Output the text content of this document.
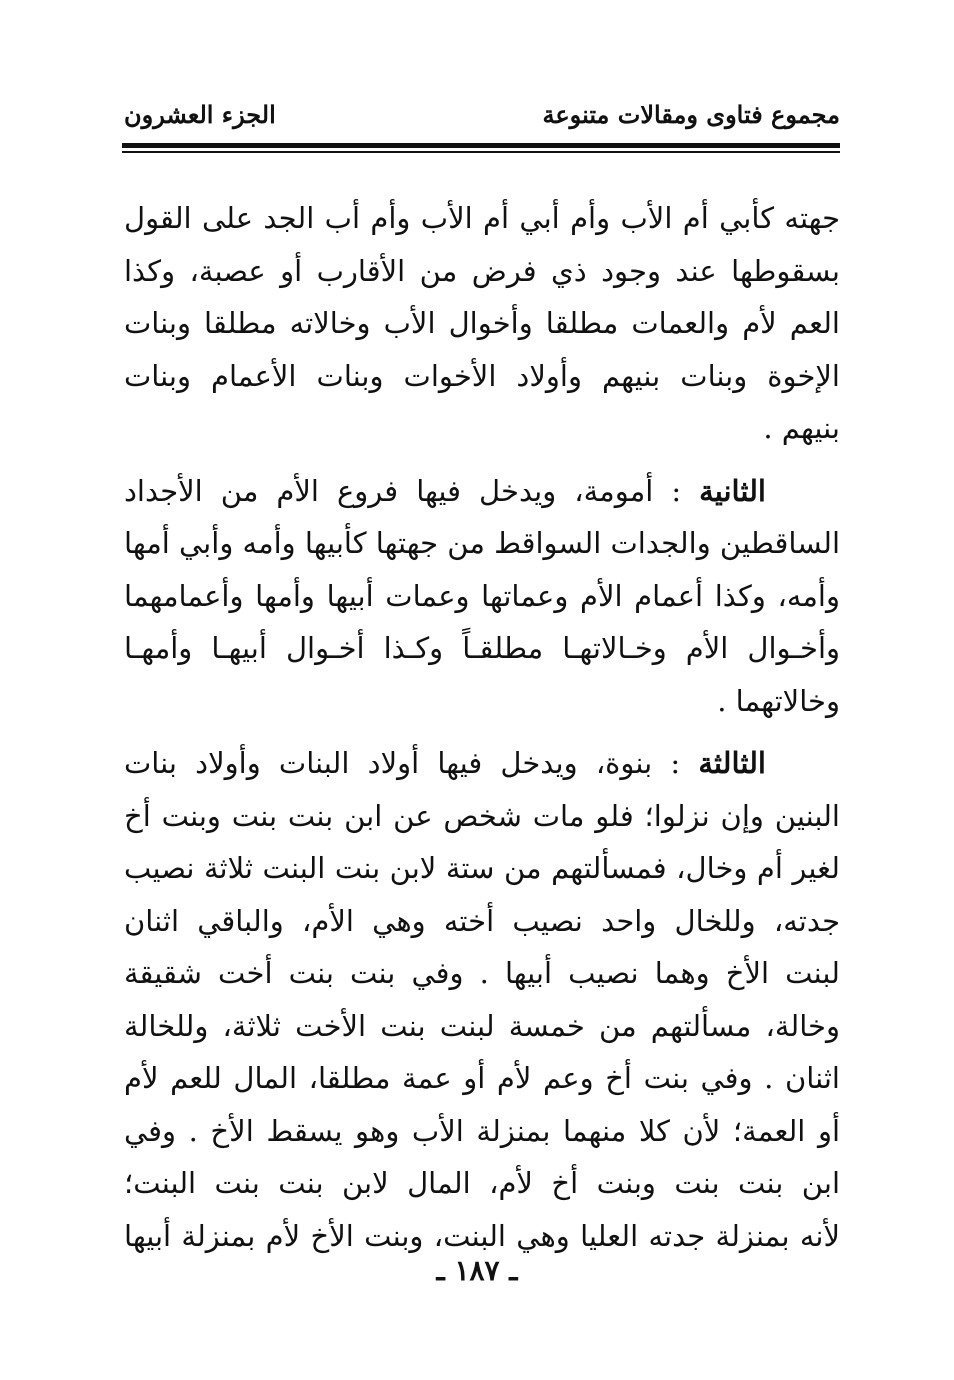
مجموع فتاوى ومقالات متنوعة
الجزء العشرون
جهته كأبي أم الأب وأم أبي أم الأب وأم أب الجد على القول
بسقوطها عند وجود ذي فرض من الأقارب أو عصبة، وكذا
العم لأم والعمات مطلقا وأخوال الأب وخالاته مطلقا وبنات
الإخوة وبنات بنيهم وأولاد الأخوات وبنات الأعمام وبنات
بنيهم .
الثانية : أمومة، ويدخل فيها فروع الأم من الأجداد
الساقطين والجدات السواقط من جهتها كأبيها وأمه وأبي أمها
وأمه، وكذا أعمام الأم وعماتها وعمات أبيها وأمها وأعمامهما
وأخـوال الأم وخـالاتهـا مطلقـاً وكـذا أخـوال أبيهـا وأمهـا
وخالاتهما .
الثالثة : بنوة، ويدخل فيها أولاد البنات وأولاد بنات
البنين وإن نزلوا؛ فلو مات شخص عن ابن بنت بنت وبنت أخ
لغير أم وخال، فمسألتهم من ستة لابن بنت البنت ثلاثة نصيب
جدته، وللخال واحد نصيب أخته وهي الأم، والباقي اثنان
لبنت الأخ وهما نصيب أبيها . وفي بنت بنت أخت شقيقة
وخالة، مسألتهم من خمسة لبنت بنت الأخت ثلاثة، وللخالة
اثنان . وفي بنت أخ وعم لأم أو عمة مطلقا، المال للعم لأم
أو العمة؛ لأن كلا منهما بمنزلة الأب وهو يسقط الأخ . وفي
ابن بنت بنت وبنت أخ لأم، المال لابن بنت بنت البنت؛
لأنه بمنزلة جدته العليا وهي البنت، وبنت الأخ لأم بمنزلة أبيها
ـ ١٨٧ ـ
